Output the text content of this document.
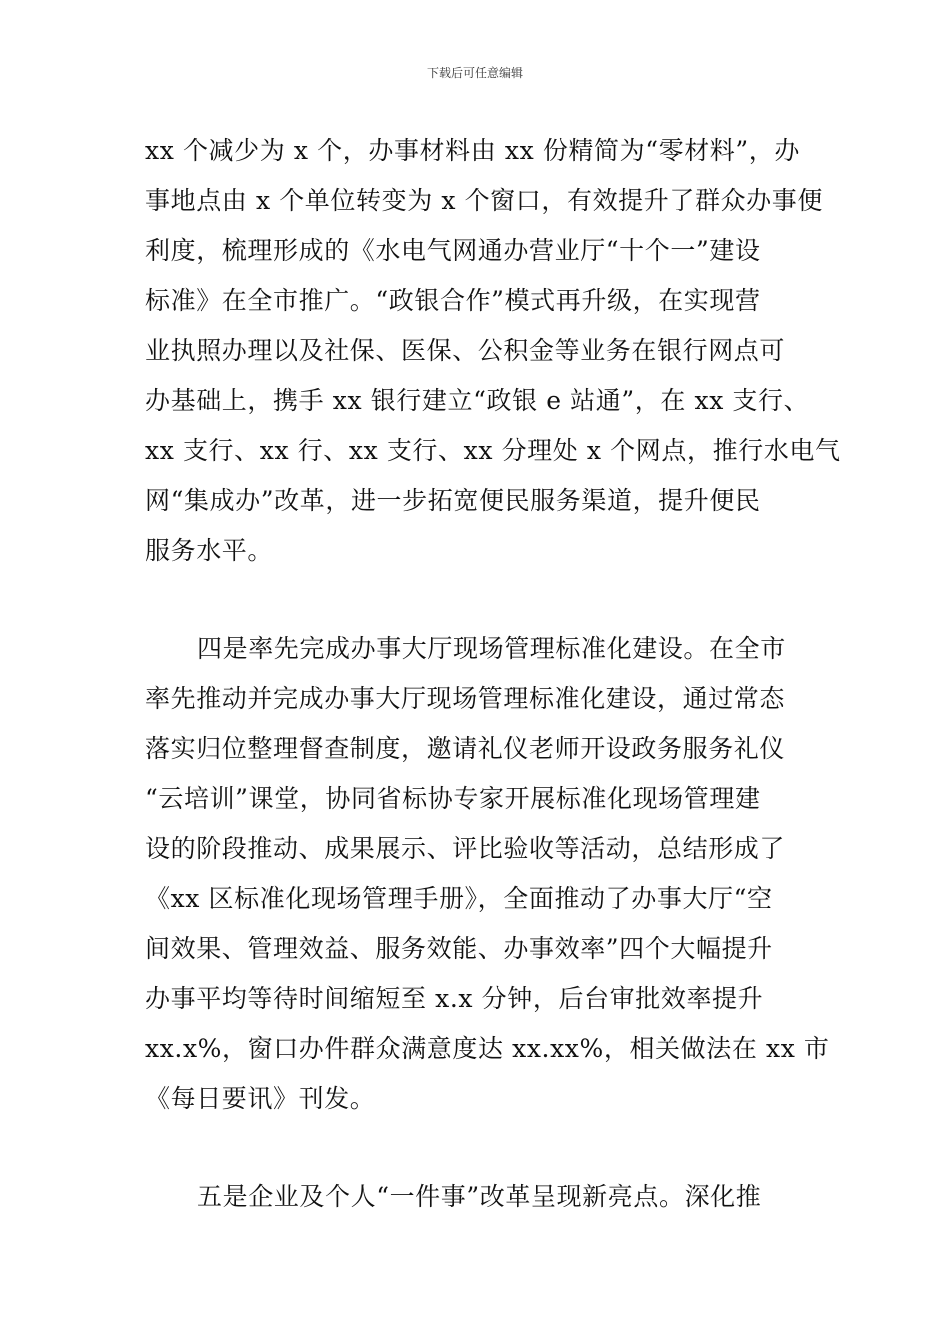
下载后可任意编辑
xx 个减少为 x 个，办事材料由 xx 份精简为“零材料”，办
事地点由 x 个单位转变为 x 个窗口，有效提升了群众办事便
利度，梳理形成的《水电气网通办营业厅“十个一”建设
标准》在全市推广。“政银合作”模式再升级，在实现营
业执照办理以及社保、医保、公积金等业务在银行网点可
办基础上，携手 xx 银行建立“政银 e 站通”，在 xx 支行、
xx 支行、xx 行、xx 支行、xx 分理处 x 个网点，推行水电气
网“集成办”改革，进一步拓宽便民服务渠道，提升便民
服务水平。
四是率先完成办事大厅现场管理标准化建设。在全市
率先推动并完成办事大厅现场管理标准化建设，通过常态
落实归位整理督查制度，邀请礼仪老师开设政务服务礼仪
“云培训”课堂，协同省标协专家开展标准化现场管理建
设的阶段推动、成果展示、评比验收等活动，总结形成了
《xx 区标准化现场管理手册》，全面推动了办事大厅“空
间效果、管理效益、服务效能、办事效率”四个大幅提升
办事平均等待时间缩短至 x.x 分钟，后台审批效率提升
xx.x%，窗口办件群众满意度达 xx.xx%，相关做法在 xx 市
《每日要讯》刊发。
五是企业及个人“一件事”改革呈现新亮点。深化推
